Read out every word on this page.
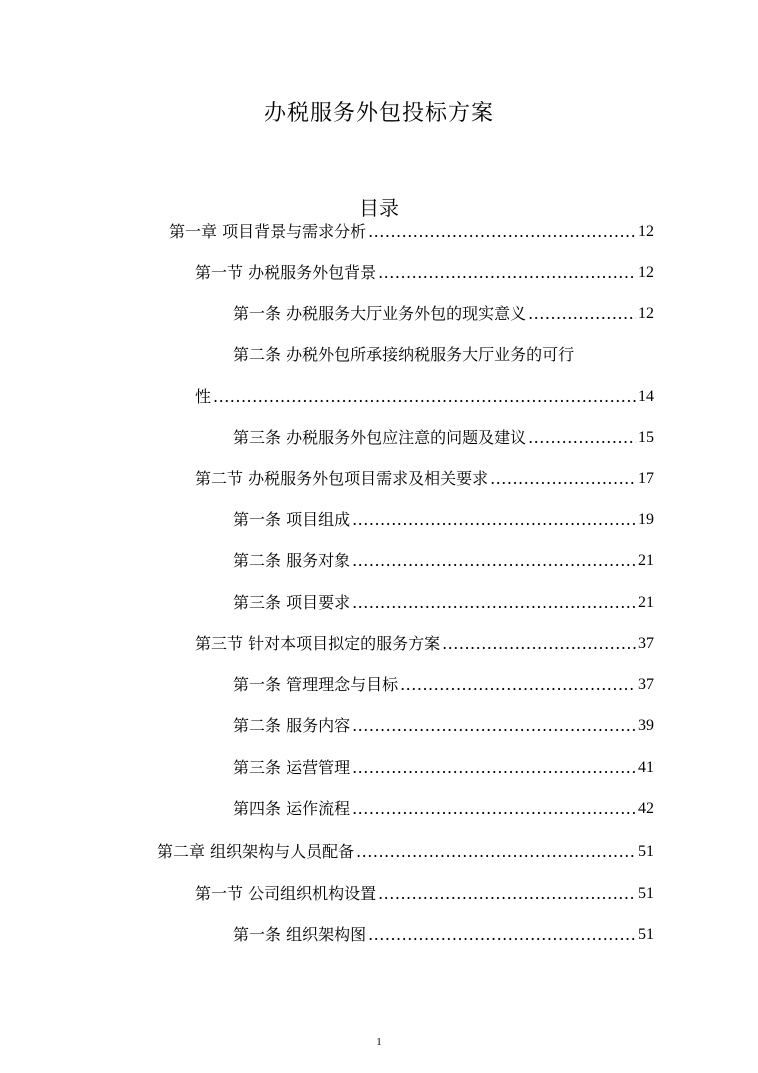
办税服务外包投标方案
目录
第一章 项目背景与需求分析 .....	12
第一节 办税服务外包背景 .....	12
第一条 办税服务大厅业务外包的现实意义 .....	12
第二条 办税外包所承接纳税服务大厅业务的可行
性 .....	14
第三条 办税服务外包应注意的问题及建议 .....	15
第二节 办税服务外包项目需求及相关要求 .....	17
第一条 项目组成 .....	19
第二条 服务对象 .....	21
第三条 项目要求 .....	21
第三节 针对本项目拟定的服务方案 .....	37
第一条 管理理念与目标 .....	37
第二条 服务内容 .....	39
第三条 运营管理 .....	41
第四条 运作流程 .....	42
第二章 组织架构与人员配备 .....	51
第一节 公司组织机构设置 .....	51
第一条 组织架构图 .....	51
1
